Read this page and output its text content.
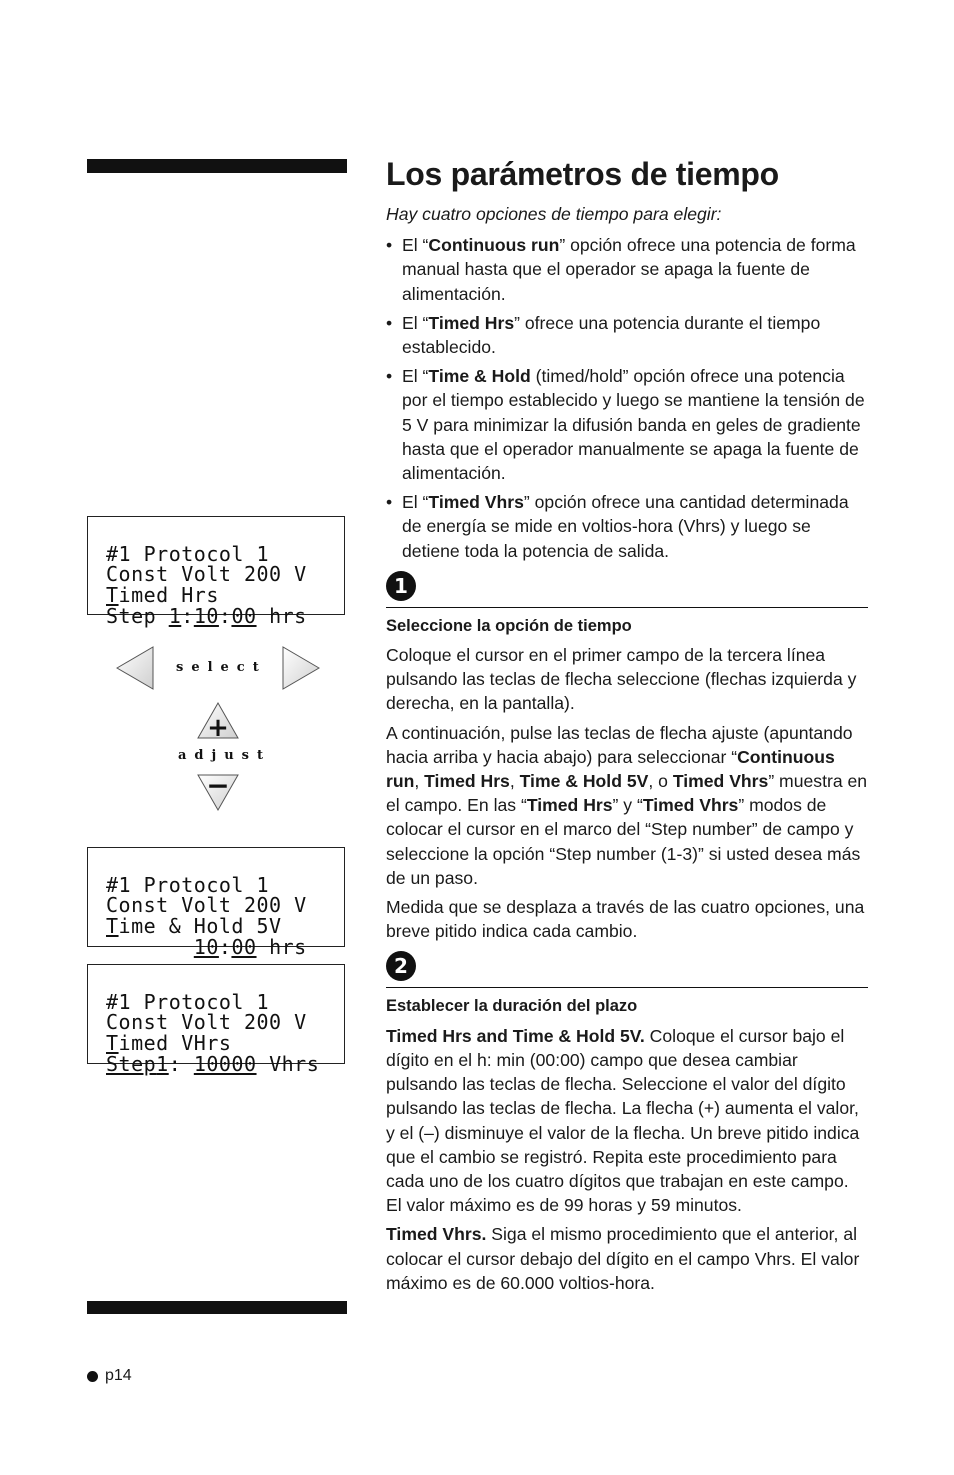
#1 Protocol 1
Const Volt 200 V
Timed Hrs
Step 1:10:00 hrs
+
−
select
adjust

#1 Protocol 1
Const Volt 200 V
Time & Hold 5V
10:00 hrs

#1 Protocol 1
Const Volt 200 V
Timed VHrs
Step1: 10000 Vhrs
Los parámetros de tiempo
Hay cuatro opciones de tiempo para elegir:
• El “Continuous run” opción ofrece una potencia de forma manual hasta que el operador se apaga la fuente de alimentación.
• El “Timed Hrs” ofrece una potencia durante el tiempo establecido.
• El “Time & Hold (timed/hold” opción ofrece una potencia por el tiempo establecido y luego se mantiene la tensión de 5 V para minimizar la difusión banda en geles de gradiente hasta que el operador manualmente se apaga la fuente de alimentación.
• El “Timed Vhrs” opción ofrece una cantidad determinada de energía se mide en voltios-hora (Vhrs) y luego se detiene toda la potencia de salida.
1
Seleccione la opción de tiempo

Coloque el cursor en el primer campo de la tercera línea pulsando las teclas de flecha seleccione (flechas izquierda y derecha, en la pantalla).

A continuación, pulse las teclas de flecha ajuste (apuntando hacia arriba y hacia abajo) para seleccionar “Continuous run, Timed Hrs, Time & Hold 5V, o Timed Vhrs” muestra en el campo. En las “Timed Hrs” y “Timed Vhrs” modos de colocar el cursor en el marco del “Step number” de campo y seleccione la opción “Step number (1-3)” si usted desea más de un paso.

Medida que se desplaza a través de las cuatro opciones, una breve pitido indica cada cambio.

2
Establecer la duración del plazo

Timed Hrs and Time & Hold 5V. Coloque el cursor bajo el dígito en el h: min (00:00) campo que desea cambiar pulsando las teclas de flecha. Seleccione el valor del dígito pulsando las teclas de flecha. La flecha (+) aumenta el valor, y el (–) disminuye el valor de la flecha. Un breve pitido indica que el cambio se registró. Repita este procedimiento para cada uno de los cuatro dígitos que trabajan en este campo. El valor máximo es de 99 horas y 59 minutos.

Timed Vhrs. Siga el mismo procedimiento que el anterior, al colocar el cursor debajo del dígito en el campo Vhrs. El valor máximo es de 60.000 voltios-hora.

p14
